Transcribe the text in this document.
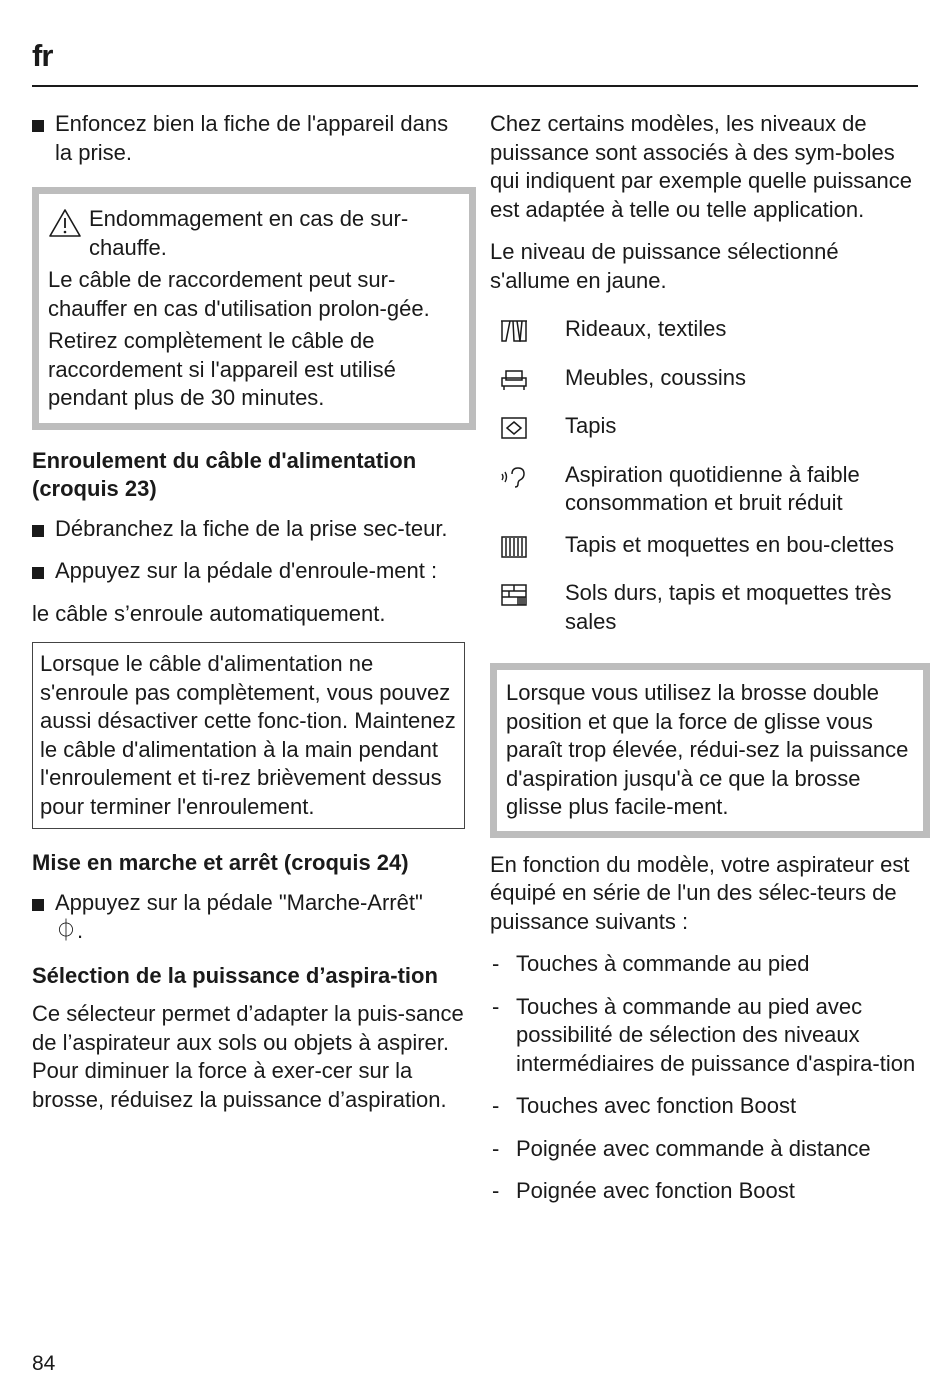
fr
Enfoncez bien la fiche de l'appareil dans la prise.
Endommagement en cas de sur-chauffe.

Le câble de raccordement peut sur-chauffer en cas d'utilisation prolon-gée.

Retirez complètement le câble de raccordement si l'appareil est utilisé pendant plus de 30 minutes.

Enroulement du câble d'alimentation (croquis 23)
Débranchez la fiche de la prise sec-teur.
Appuyez sur la pédale d'enroule-ment :

le câble s’enroule automatiquement.

Lorsque le câble d'alimentation ne s'enroule pas complètement, vous pouvez aussi désactiver cette fonc-tion. Maintenez le câble d'alimentation à la main pendant l'enroulement et ti-rez brièvement dessus pour terminer l'enroulement.

Mise en marche et arrêt (croquis 24)
Appuyez sur la pédale "Marche-Arrêt"
⏀.
Sélection de la puissance d’aspira-tion

Ce sélecteur permet d’adapter la puis-sance de l’aspirateur aux sols ou objets à aspirer. Pour diminuer la force à exer-cer sur la brosse, réduisez la puissance d’aspiration.

Chez certains modèles, les niveaux de puissance sont associés à des sym-boles qui indiquent par exemple quelle puissance est adaptée à telle ou telle application.

Le niveau de puissance sélectionné s'allume en jaune.

Rideaux, textiles
Meubles, coussins
Tapis
Aspiration quotidienne à faible consommation et bruit réduit
Tapis et moquettes en bou-clettes
Sols durs, tapis et moquettes très sales

Lorsque vous utilisez la brosse double position et que la force de glisse vous paraît trop élevée, rédui-sez la puissance d'aspiration jusqu'à ce que la brosse glisse plus facile-ment.

En fonction du modèle, votre aspirateur est équipé en série de l'un des sélec-teurs de puissance suivants :

- Touches à commande au pied
- Touches à commande au pied avec possibilité de sélection des niveaux intermédiaires de puissance d'aspira-tion
- Touches avec fonction Boost
- Poignée avec commande à distance
- Poignée avec fonction Boost
84
